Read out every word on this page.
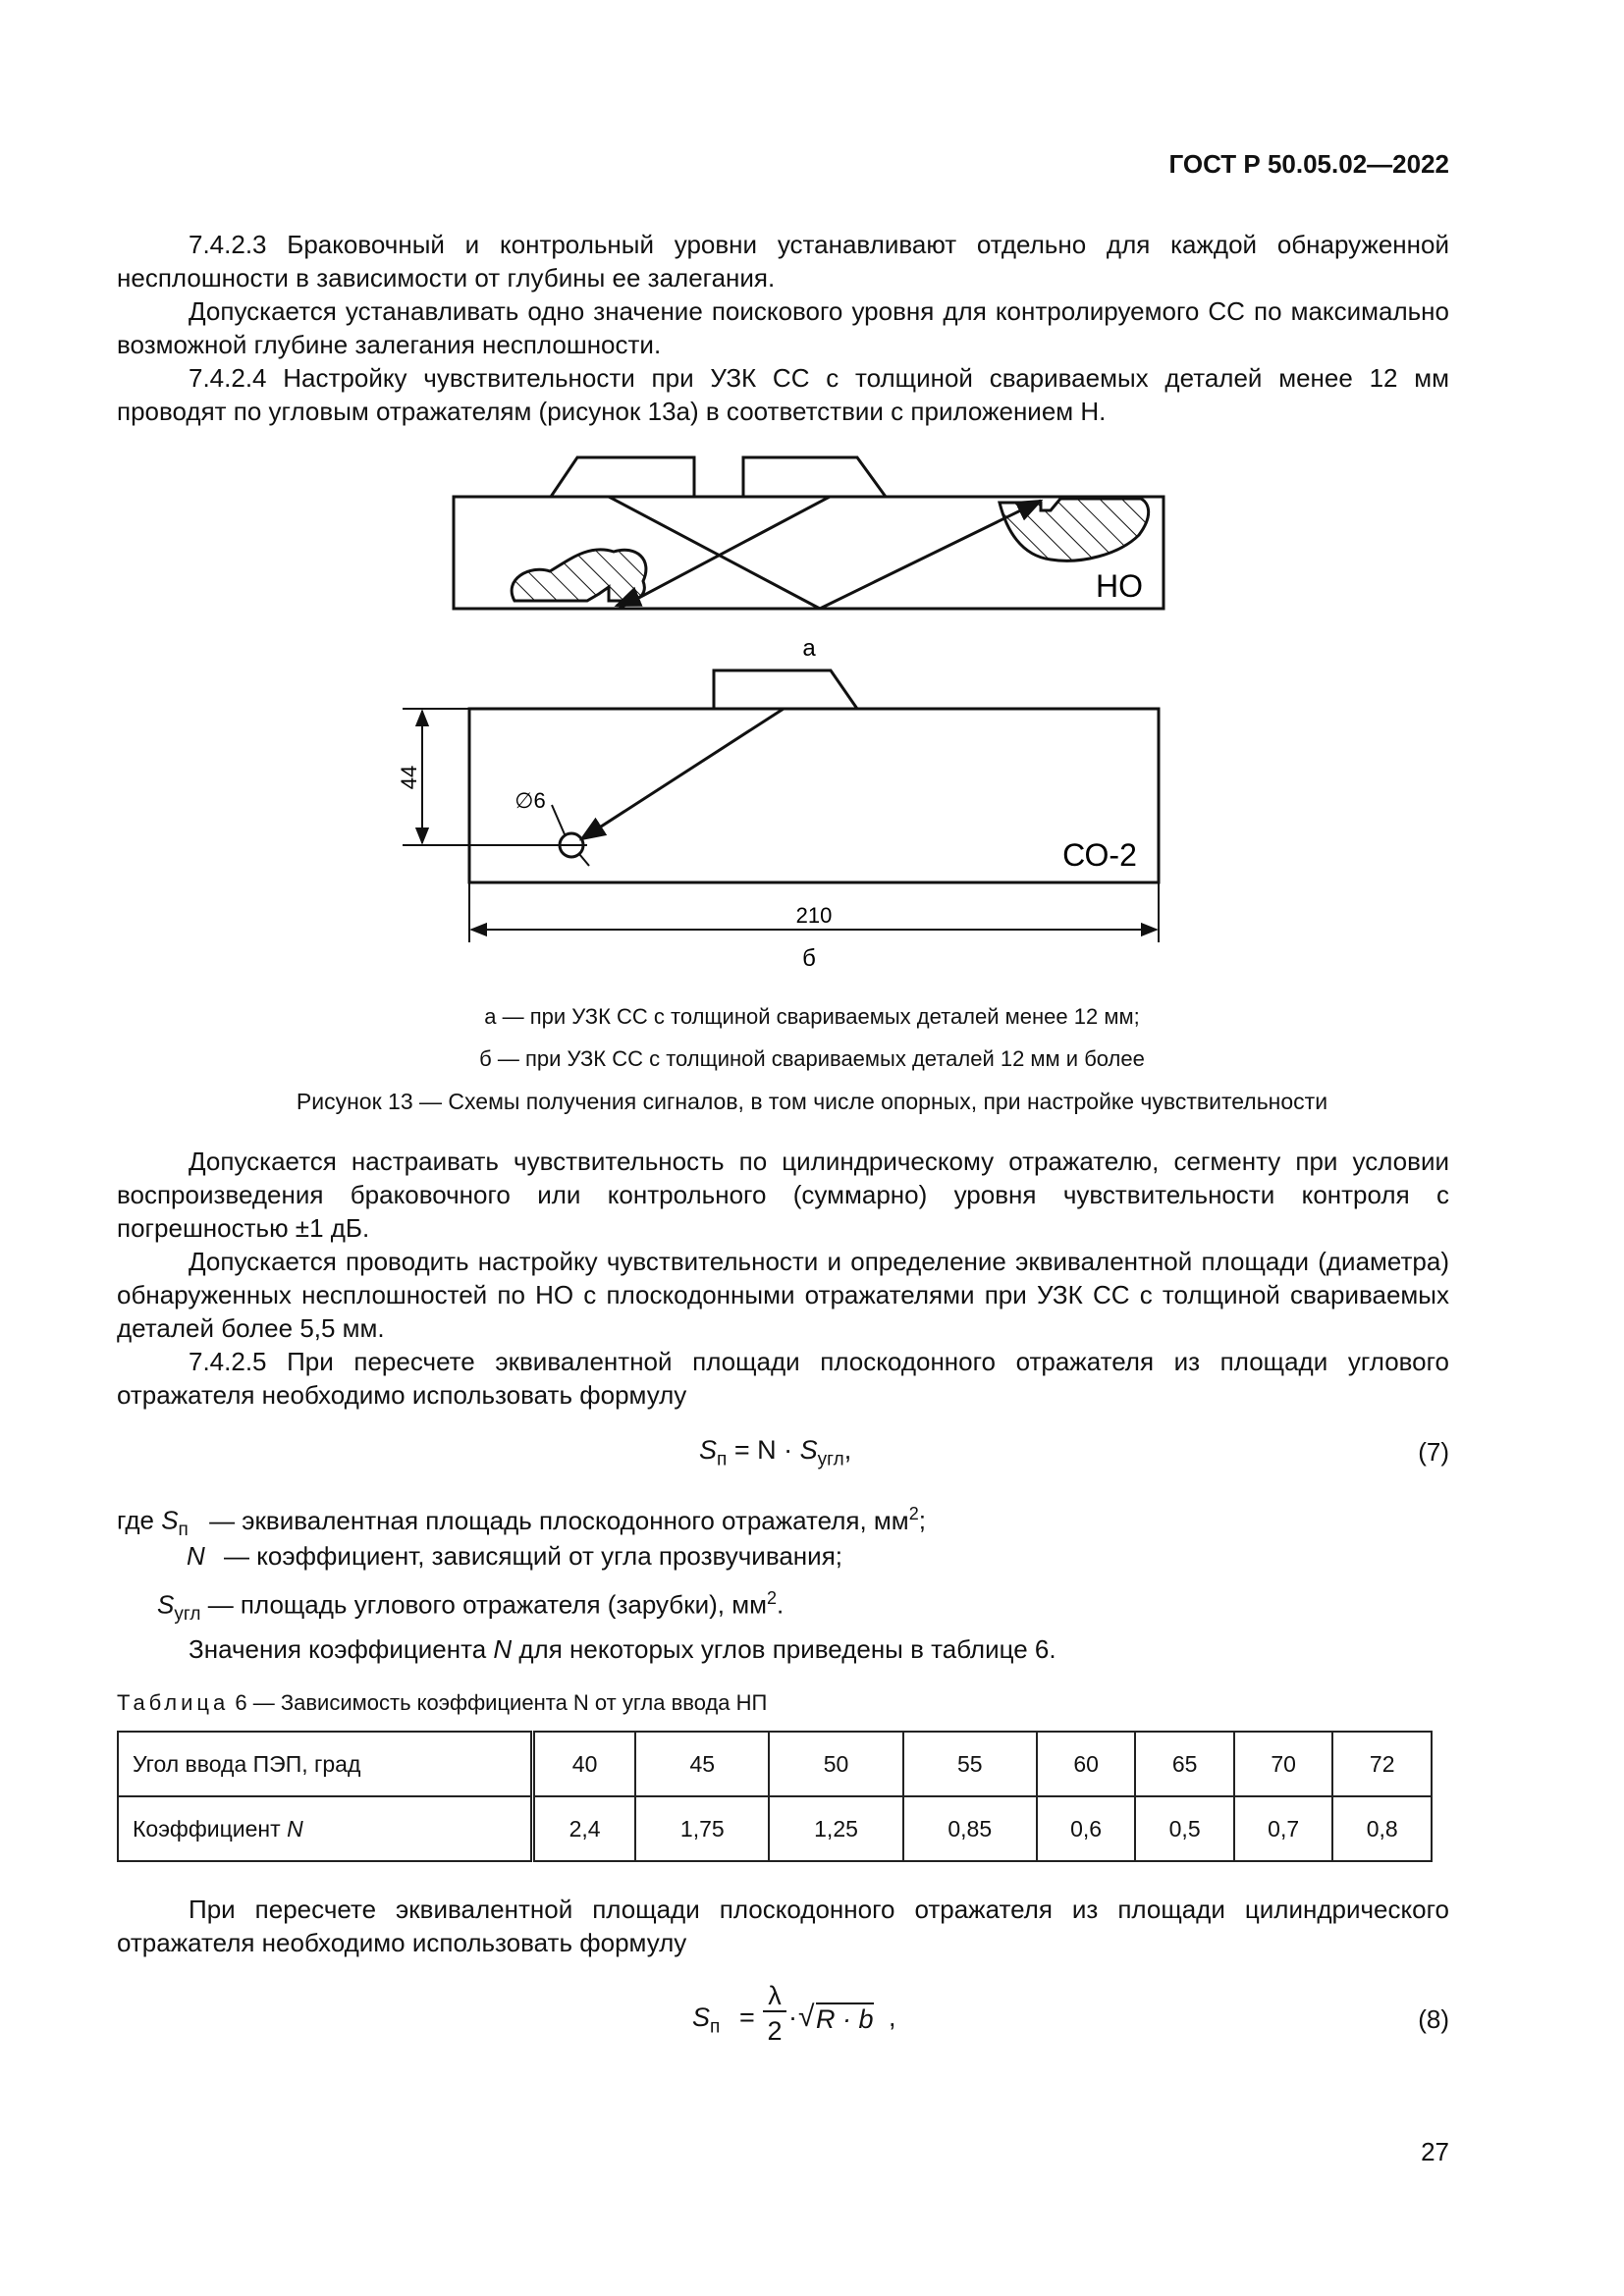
ГОСТ Р 50.05.02—2022

7.4.2.3 Браковочный и контрольный уровни устанавливают отдельно для каждой обнаруженной несплошности в зависимости от глубины ее залегания.

Допускается устанавливать одно значение поискового уровня для контролируемого СС по максимально возможной глубине залегания несплошности.

7.4.2.4 Настройку чувствительности при УЗК СС с толщиной свариваемых деталей менее 12 мм проводят по угловым отражателям (рисунок 13а) в соответствии с приложением Н.

НО
а
44
∅6
СО-2
210
б
а — при УЗК СС с толщиной свариваемых деталей менее 12 мм;
б — при УЗК СС с толщиной свариваемых деталей 12 мм и более
Рисунок 13 — Схемы получения сигналов, в том числе опорных, при настройке чувствительности

Допускается настраивать чувствительность по цилиндрическому отражателю, сегменту при условии воспроизведения браковочного или контрольного (суммарно) уровня чувствительности контроля с погрешностью ±1 дБ.

Допускается проводить настройку чувствительности и определение эквивалентной площади (диаметра) обнаруженных несплошностей по НО с плоскодонными отражателями при УЗК СС с толщиной свариваемых деталей более 5,5 мм.

7.4.2.5 При пересчете эквивалентной площади плоскодонного отражателя из площади углового отражателя необходимо использовать формулу

$S_п = N \cdot S_{угл}$,	(7)
где $S_п$ — эквивалентная площадь плоскодонного отражателя, $мм^2$;
N — коэффициент, зависящий от угла прозвучивания;
$S_{угл}$ — площадь углового отражателя (зарубки), $мм^2$.
Значения коэффициента N для некоторых углов приведены в таблице 6.
Таблица 6 — Зависимость коэффициента N от угла ввода НП
Угол ввода ПЭП, град	40	45	50	55	60	65	70	72
Коэффициент N	2,4	1,75	1,25	0,85	0,6	0,5	0,7	0,8

При пересчете эквивалентной площади плоскодонного отражателя из площади цилиндрического отражателя необходимо использовать формулу

$S_п$ =
λ
2 · √ R · b ,	(8)
27
